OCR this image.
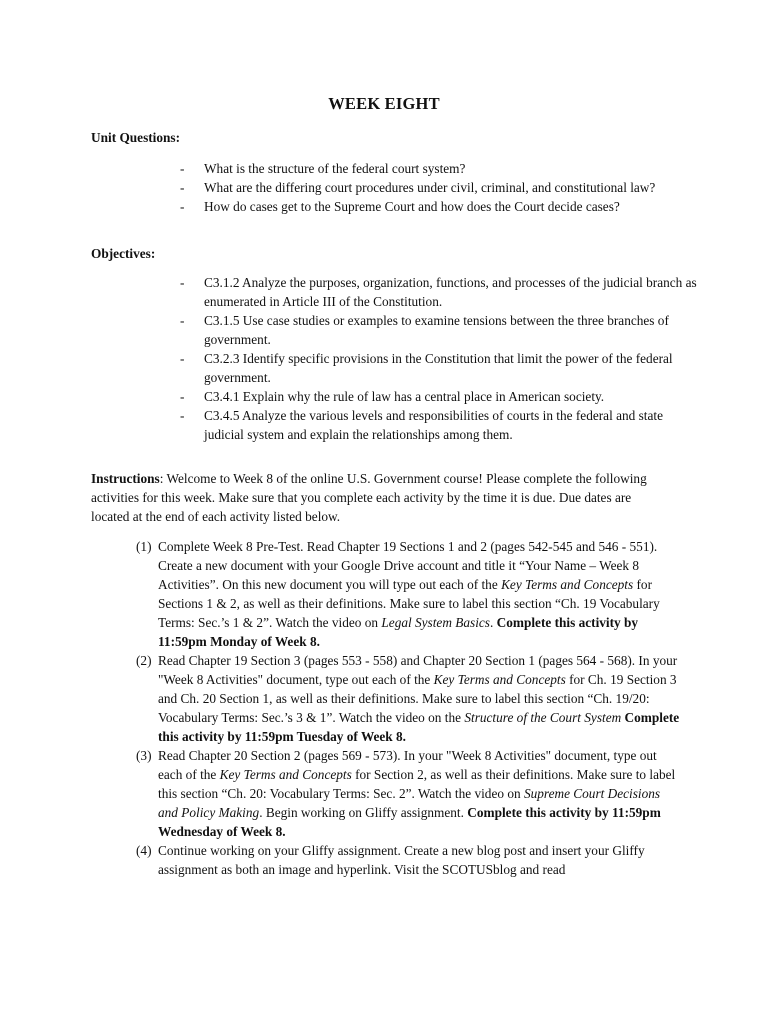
WEEK EIGHT
Unit Questions:
- What is the structure of the federal court system?
- What are the differing court procedures under civil, criminal, and constitutional law?
- How do cases get to the Supreme Court and how does the Court decide cases?
Objectives:
- C3.1.2 Analyze the purposes, organization, functions, and processes of the judicial branch as enumerated in Article III of the Constitution.
- C3.1.5 Use case studies or examples to examine tensions between the three branches of government.
- C3.2.3 Identify specific provisions in the Constitution that limit the power of the federal government.
- C3.4.1 Explain why the rule of law has a central place in American society.
- C3.4.5 Analyze the various levels and responsibilities of courts in the federal and state judicial system and explain the relationships among them.
Instructions: Welcome to Week 8 of the online U.S. Government course! Please complete the following activities for this week. Make sure that you complete each activity by the time it is due. Due dates are located at the end of each activity listed below.
(1) Complete Week 8 Pre-Test. Read Chapter 19 Sections 1 and 2 (pages 542-545 and 546 - 551). Create a new document with your Google Drive account and title it “Your Name – Week 8 Activities”. On this new document you will type out each of the Key Terms and Concepts for Sections 1 & 2, as well as their definitions. Make sure to label this section “Ch. 19 Vocabulary Terms: Sec.’s 1 & 2”. Watch the video on Legal System Basics. Complete this activity by 11:59pm Monday of Week 8.
(2) Read Chapter 19 Section 3 (pages 553 - 558) and Chapter 20 Section 1 (pages 564 - 568). In your "Week 8 Activities" document, type out each of the Key Terms and Concepts for Ch. 19 Section 3 and Ch. 20 Section 1, as well as their definitions. Make sure to label this section “Ch. 19/20: Vocabulary Terms: Sec.’s 3 & 1”. Watch the video on the Structure of the Court System Complete this activity by 11:59pm Tuesday of Week 8.
(3) Read Chapter 20 Section 2 (pages 569 - 573). In your "Week 8 Activities" document, type out each of the Key Terms and Concepts for Section 2, as well as their definitions. Make sure to label this section “Ch. 20: Vocabulary Terms: Sec. 2”. Watch the video on Supreme Court Decisions and Policy Making. Begin working on Gliffy assignment. Complete this activity by 11:59pm Wednesday of Week 8.
(4) Continue working on your Gliffy assignment. Create a new blog post and insert your Gliffy assignment as both an image and hyperlink. Visit the SCOTUSblog and read
